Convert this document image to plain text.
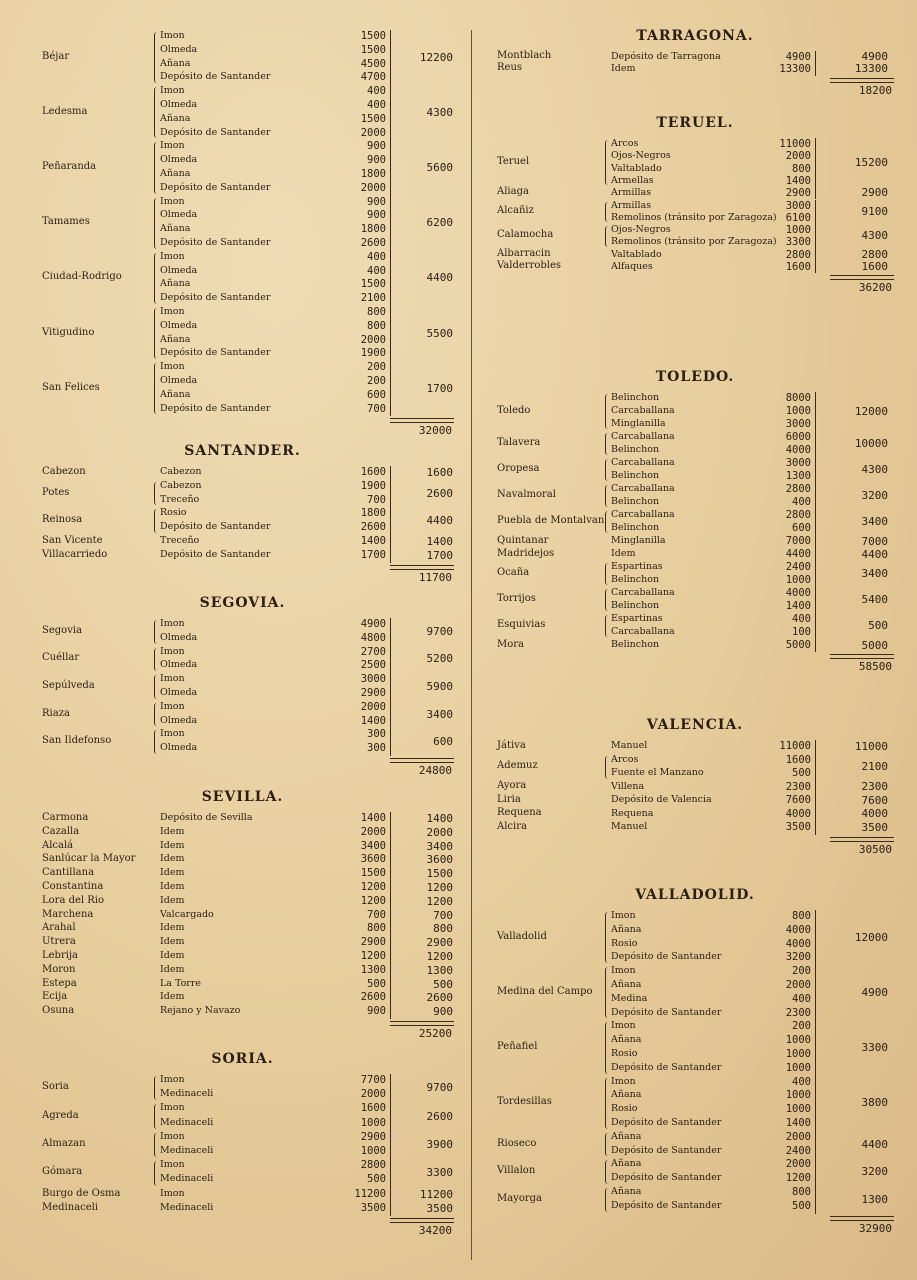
Béjar
Imon	1500
Olmeda	1500
Añana	4500
Depósito de Santander	4700
12200
Ledesma
Imon	400
Olmeda	400
Añana	1500
Depósito de Santander	2000
4300
Peñaranda
Imon	900
Olmeda	900
Añana	1800
Depósito de Santander	2000
5600
Tamames
Imon	900
Olmeda	900
Añana	1800
Depósito de Santander	2600
6200
Ciudad-Rodrigo
Imon	400
Olmeda	400
Añana	1500
Depósito de Santander	2100
4400
Vitigudino
Imon	800
Olmeda	800
Añana	2000
Depósito de Santander	1900
5500
San Felices
Imon	200
Olmeda	200
Añana	600
Depósito de Santander	700
1700
32000
SANTANDER.
Cabezon	Cabezon	1600	1600
Potes
Cabezon	1900
Treceño	700	2600
Reinosa
Rosio	1800
Depósito de Santander	2600	4400
San Vicente	Treceño	1400	1400
Villacarriedo	Depósito de Santander	1700	1700
11700
SEGOVIA.
Segovia
Imon	4900
Olmeda	4800	9700
Cuéllar
Imon	2700
Olmeda	2500	5200
Sepúlveda
Imon	3000
Olmeda	2900	5900
Riaza
Imon	2000
Olmeda	1400	3400
San Ildefonso
Imon	300
Olmeda	300	600
24800
SEVILLA.
Carmona	Depósito de Sevilla	1400	1400
Cazalla	Idem	2000	2000
Alcalá	Idem	3400	3400
Sanlúcar la Mayor	Idem	3600	3600
Cantillana	Idem	1500	1500
Constantina	Idem	1200	1200
Lora del Rio	Idem	1200	1200
Marchena	Valcargado	700	700
Arahal	Idem	800	800
Utrera	Idem	2900	2900
Lebrija	Idem	1200	1200
Moron	Idem	1300	1300
Estepa	La Torre	500	500
Ecija	Idem	2600	2600
Osuna	Rejano y Navazo	900	900
25200
SORIA.
Soria
Imon	7700
Medinaceli	2000	9700
Agreda
Imon	1600
Medinaceli	1000	2600
Almazan
Imon	2900
Medinaceli	1000	3900
Gómara
Imon	2800
Medinaceli	500	3300
Burgo de Osma	Imon	11200	11200
Medinaceli	Medinaceli	3500	3500
34200
TARRAGONA.
Montblach	Depósito de Tarragona	4900	4900
Reus	Idem	13300	13300
18200
TERUEL.
Teruel
Arcos	11000
Ojos-Negros	2000
Valtablado	800
Armellas	1400
15200
Aliaga	Armillas	2900	2900
Alcañiz	Armillas	3000
Remolinos (tránsito por Zaragoza) 6100	9100
Calamocha	Ojos-Negros	1000
Remolinos (tránsito por Zaragoza) 3300	4300
Albarracin	Valtablado	2800	2800
Valderrobles	Alfaques	1600	1600
36200
TOLEDO.
Toledo
Belinchon	8000
Carcaballana	1000
Minglanilla	3000
12000
Talavera
Carcaballana	6000
Belinchon	4000	10000
Oropesa
Carcaballana	3000
Belinchon	1300	4300
Navalmoral
Carcaballana	2800
Belinchon	400	3200
Puebla de Montalvan
Carcaballana	2800
Belinchon	600	3400
Quintanar	Minglanilla	7000	7000
Madridejos	Idem	4400	4400
Ocaña
Espartinas	2400
Belinchon	1000	3400
Torrijos
Carcaballana	4000
Belinchon	1400	5400
Esquivias
Espartinas	400
Carcaballana	100	500
Mora	Belinchon	5000	5000
58500
VALENCIA.
Játiva	Manuel	11000	11000
Ademuz
Arcos	1600
Fuente el Manzano	500	2100
Ayora	Villena	2300	2300
Liria	Depósito de Valencia	7600	7600
Requena	Requena	4000	4000
Alcira	Manuel	3500	3500
30500
VALLADOLID.
Valladolid
Imon	800
Añana	4000
Rosio	4000
Depósito de Santander	3200
12000
Medina del Campo
Imon	200
Añana	2000
Medina	400
Depósito de Santander	2300
4900
Peñafiel
Imon	200
Añana	1000
Rosio	1000
Depósito de Santander	1000
3300
Tordesillas
Imon	400
Añana	1000
Rosio	1000
Depósito de Santander	1400
3800
Rioseco
Añana	2000
Depósito de Santander	2400	4400
Villalon
Añana	2000
Depósito de Santander	1200	3200
Mayorga
Añana	800
Depósito de Santander	500	1300
32900
